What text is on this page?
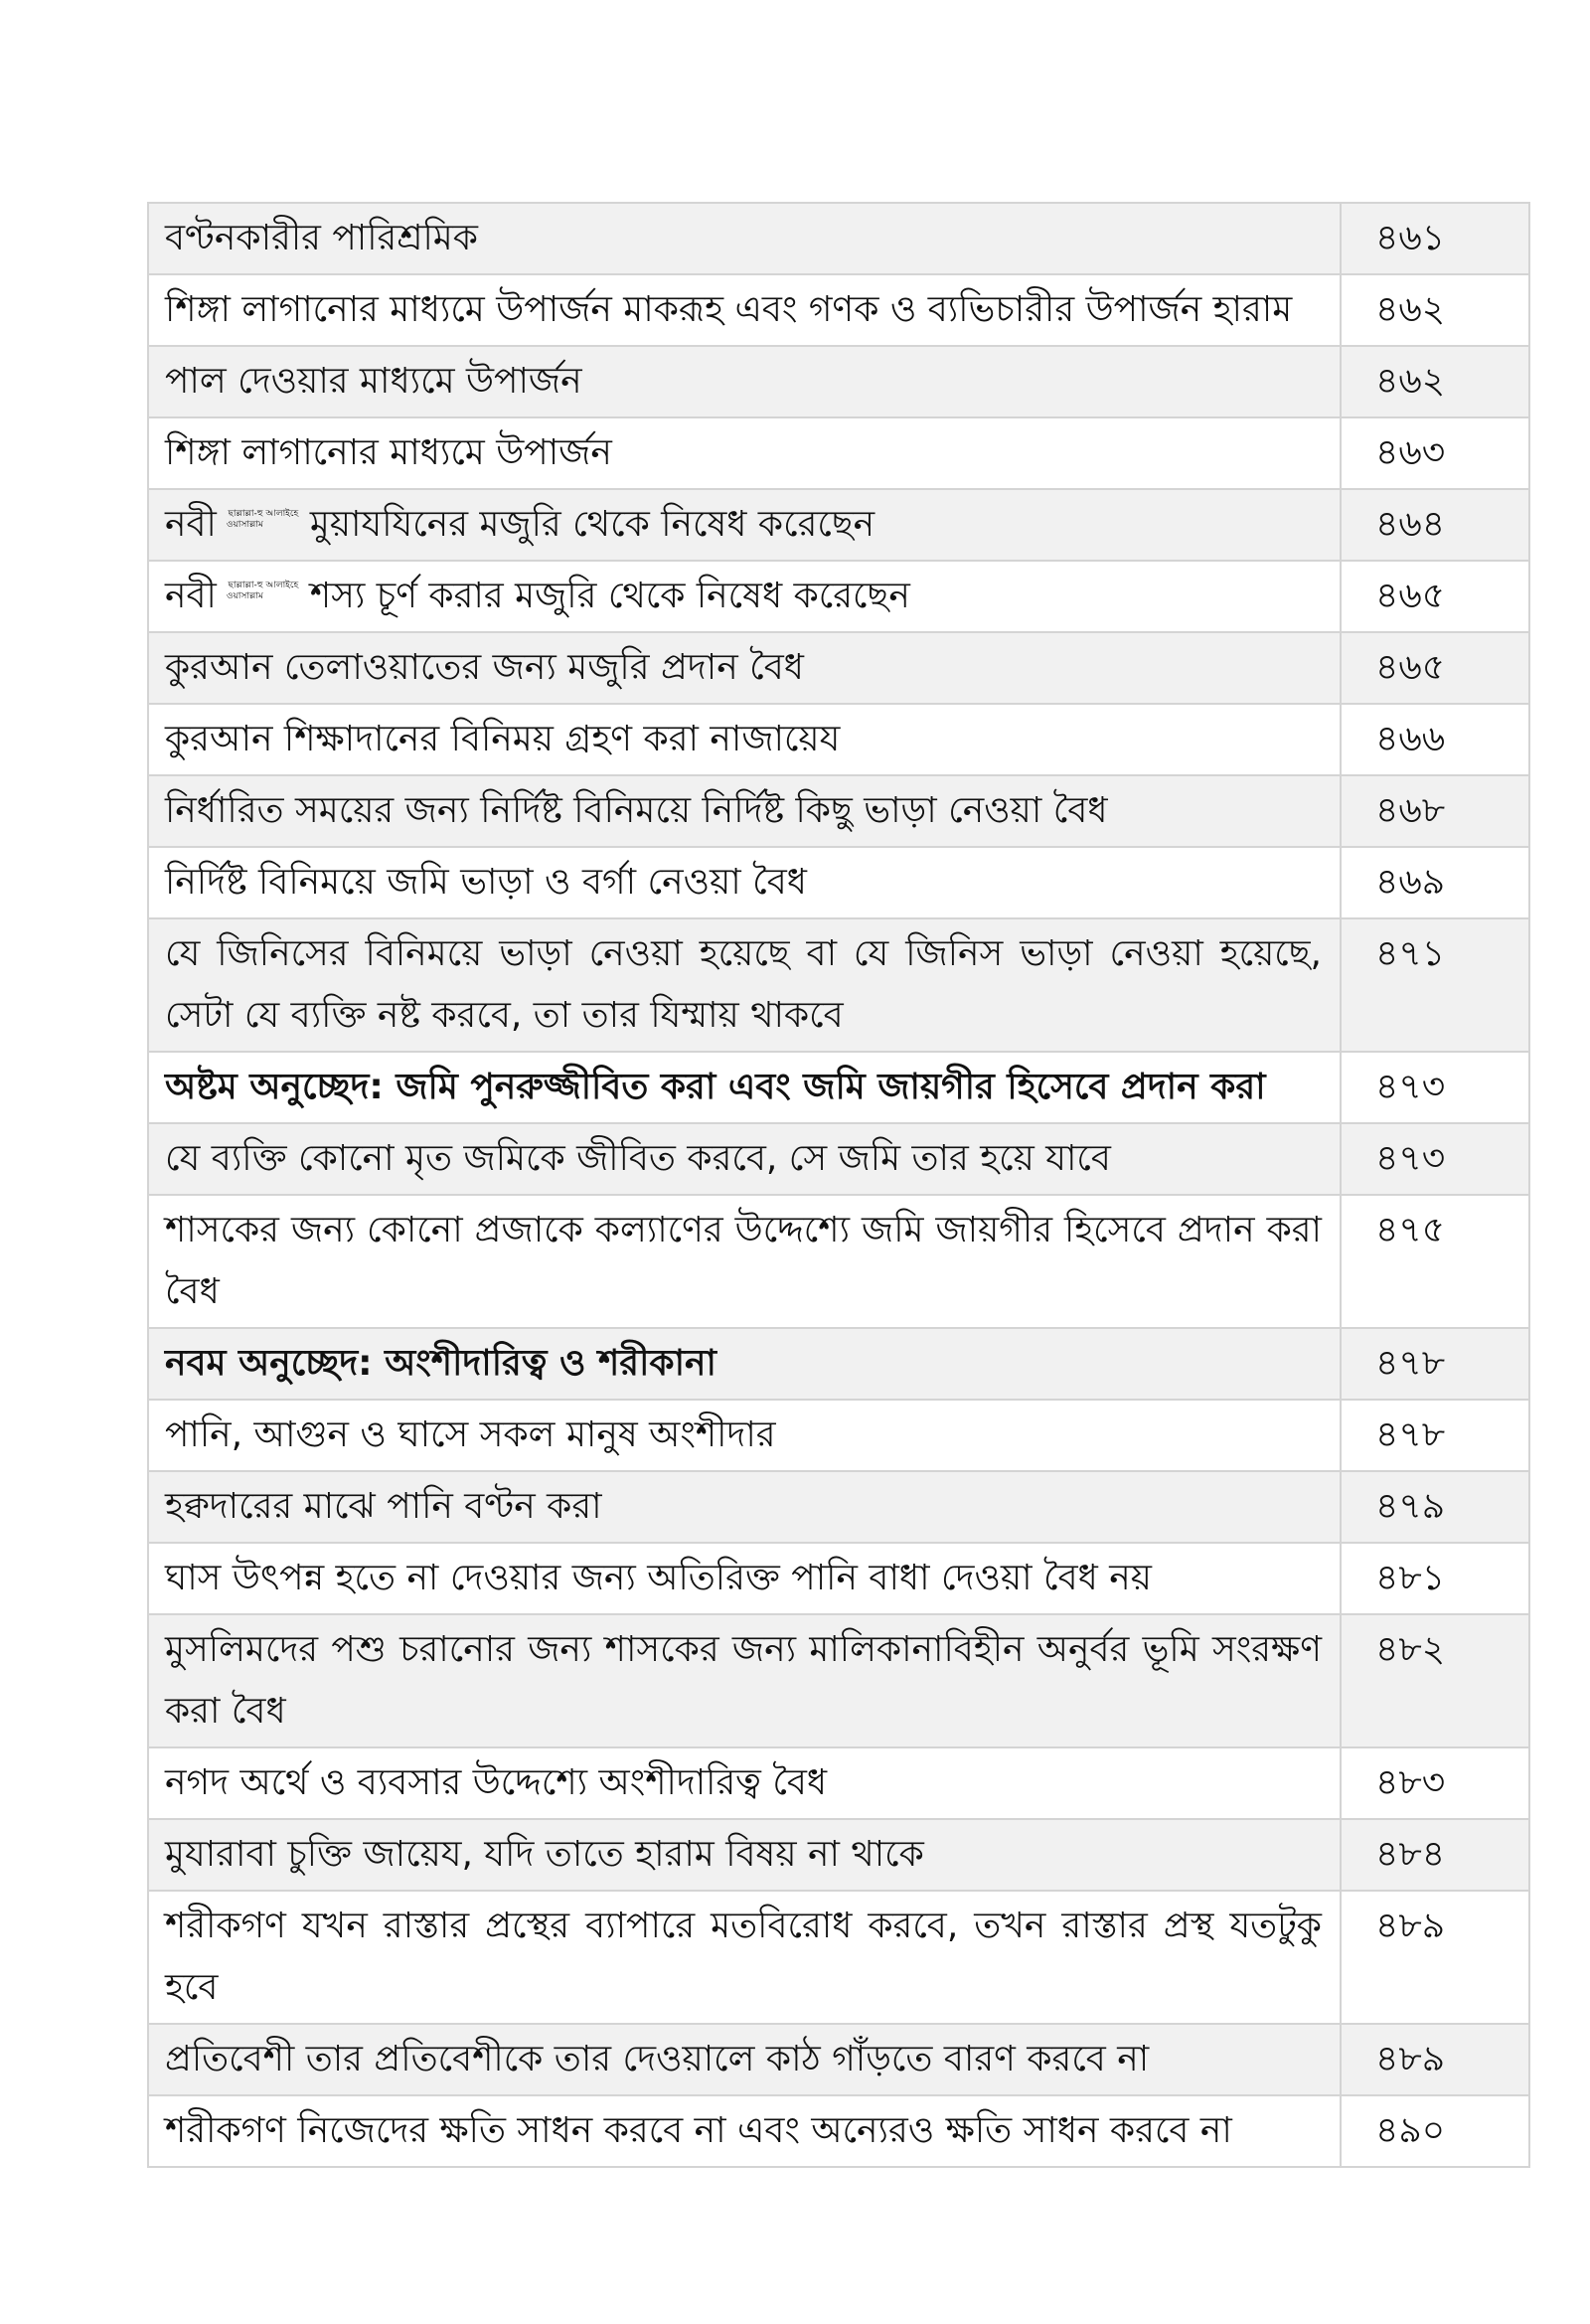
বণ্টনকারীর পারিশ্রমিক	৪৬১
শিঙ্গা লাগানোর মাধ্যমে উপার্জন মাকরূহ এবং গণক ও ব্যভিচারীর উপার্জন হারাম	৪৬২
পাল দেওয়ার মাধ্যমে উপার্জন	৪৬২
শিঙ্গা লাগানোর মাধ্যমে উপার্জন	৪৬৩
নবী ছাল্লাল্লা-হু আলাইহে ওয়াসাল্লাম মুয়াযযিনের মজুরি থেকে নিষেধ করেছেন	৪৬৪
নবী ছাল্লাল্লা-হু আলাইহে ওয়াসাল্লাম শস্য চূর্ণ করার মজুরি থেকে নিষেধ করেছেন	৪৬৫
কুরআন তেলাওয়াতের জন্য মজুরি প্রদান বৈধ	৪৬৫
কুরআন শিক্ষাদানের বিনিময় গ্রহণ করা নাজায়েয	৪৬৬
নির্ধারিত সময়ের জন্য নির্দিষ্ট বিনিময়ে নির্দিষ্ট কিছু ভাড়া নেওয়া বৈধ	৪৬৮
নির্দিষ্ট বিনিময়ে জমি ভাড়া ও বর্গা নেওয়া বৈধ	৪৬৯
যে জিনিসের বিনিময়ে ভাড়া নেওয়া হয়েছে বা যে জিনিস ভাড়া নেওয়া হয়েছে, সেটা যে ব্যক্তি নষ্ট করবে, তা তার যিম্মায় থাকবে	৪৭১
অষ্টম অনুচ্ছেদ: জমি পুনরুজ্জীবিত করা এবং জমি জায়গীর হিসেবে প্রদান করা	৪৭৩
যে ব্যক্তি কোনো মৃত জমিকে জীবিত করবে, সে জমি তার হয়ে যাবে	৪৭৩
শাসকের জন্য কোনো প্রজাকে কল্যাণের উদ্দেশ্যে জমি জায়গীর হিসেবে প্রদান করা বৈধ	৪৭৫
নবম অনুচ্ছেদ: অংশীদারিত্ব ও শরীকানা	৪৭৮
পানি, আগুন ও ঘাসে সকল মানুষ অংশীদার	৪৭৮
হক্বদারের মাঝে পানি বণ্টন করা	৪৭৯
ঘাস উৎপন্ন হতে না দেওয়ার জন্য অতিরিক্ত পানি বাধা দেওয়া বৈধ নয়	৪৮১
মুসলিমদের পশু চরানোর জন্য শাসকের জন্য মালিকানাবিহীন অনুর্বর ভূমি সংরক্ষণ করা বৈধ	৪৮২
নগদ অর্থে ও ব্যবসার উদ্দেশ্যে অংশীদারিত্ব বৈধ	৪৮৩
মুযারাবা চুক্তি জায়েয, যদি তাতে হারাম বিষয় না থাকে	৪৮৪
শরীকগণ যখন রাস্তার প্রস্থের ব্যাপারে মতবিরোধ করবে, তখন রাস্তার প্রস্থ যতটুকু হবে	৪৮৯
প্রতিবেশী তার প্রতিবেশীকে তার দেওয়ালে কাঠ গাঁড়তে বারণ করবে না	৪৮৯
শরীকগণ নিজেদের ক্ষতি সাধন করবে না এবং অন্যেরও ক্ষতি সাধন করবে না	৪৯০
